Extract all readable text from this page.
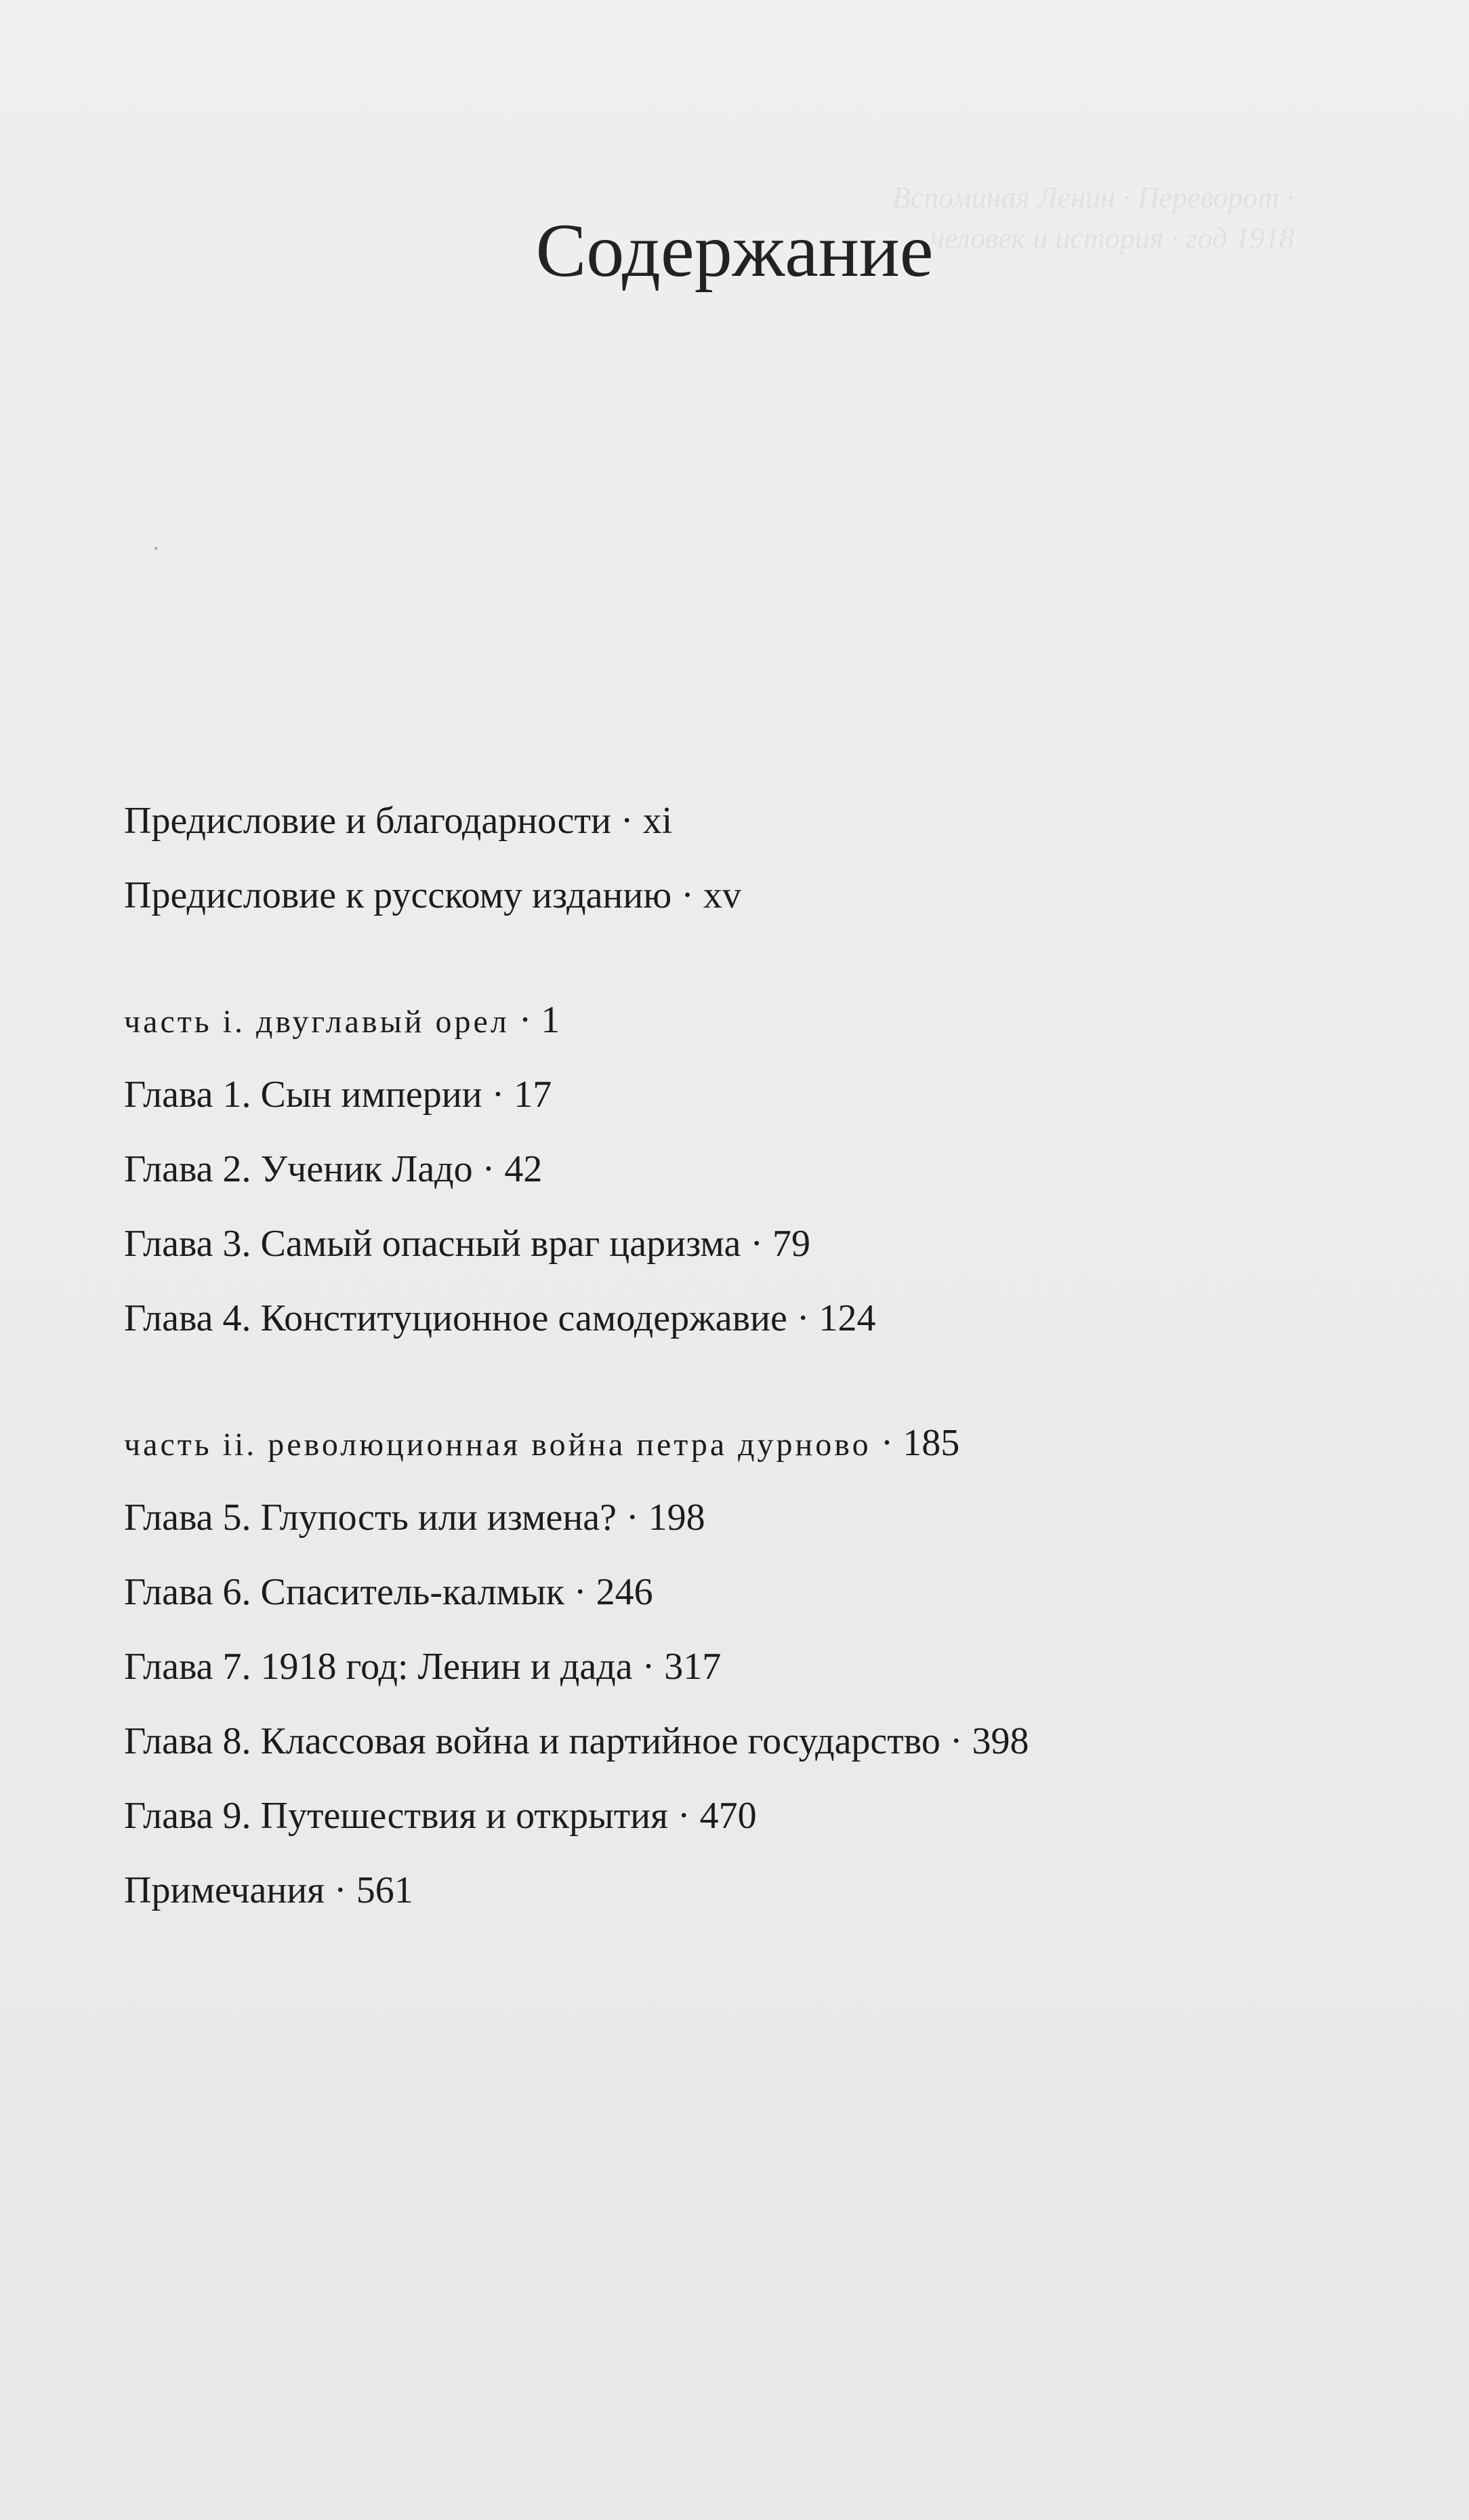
Вспоминая Ленин · Переворот ·
человек и история · год 1918
Содержание
Предисловие и благодарности · xi
Предисловие к русскому изданию · xv
часть i. двуглавый орел · 1
Глава 1. Сын империи · 17
Глава 2. Ученик Ладо · 42
Глава 3. Самый опасный враг царизма · 79
Глава 4. Конституционное самодержавие · 124
часть ii. революционная война петра дурново · 185
Глава 5. Глупость или измена? · 198
Глава 6. Спаситель-калмык · 246
Глава 7. 1918 год: Ленин и дада · 317
Глава 8. Классовая война и партийное государство · 398
Глава 9. Путешествия и открытия · 470
Примечания · 561
